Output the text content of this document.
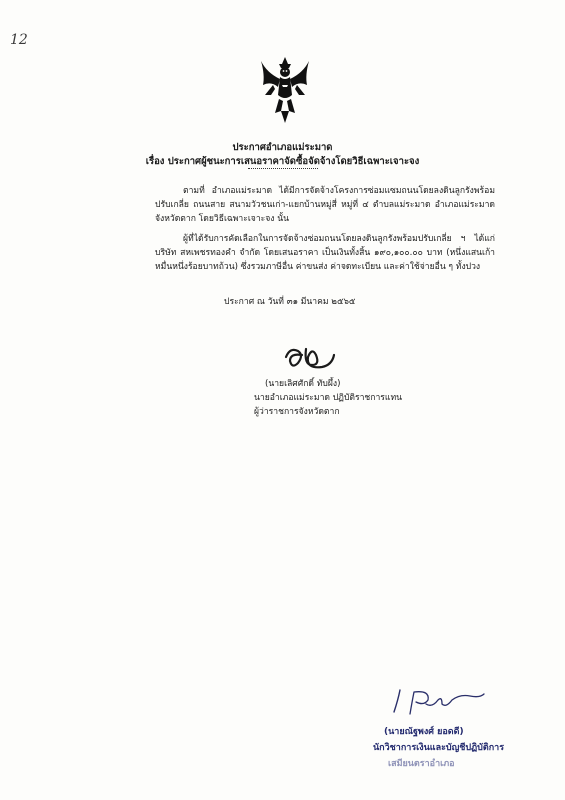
12
ประกาศอำเภอแม่ระมาด
เรื่อง ประกาศผู้ชนะการเสนอราคาจัดซื้อจัดจ้างโดยวิธีเฉพาะเจาะจง
ตามที่ อำเภอแม่ระมาด ได้มีการจัดจ้างโครงการซ่อมแซมถนนโดยลงดินลูกรังพร้อมปรับเกลี่ย ถนนสาย สนามวัวชนเก่า-แยกบ้านหมู่สี่ หมู่ที่ ๔ ตำบลแม่ระมาด อำเภอแม่ระมาด จังหวัดตาก โดยวิธีเฉพาะเจาะจง นั้น
ผู้ที่ได้รับการคัดเลือกในการจัดจ้างซ่อมถนนโดยลงดินลูกรังพร้อมปรับเกลี่ย ฯ ได้แก่ บริษัท สหเพชรทองคำ จำกัด โดยเสนอราคา เป็นเงินทั้งสิ้น ๑๙๐,๑๐๐.๐๐ บาท (หนึ่งแสนเก้าหมื่นหนึ่งร้อยบาทถ้วน) ซึ่งรวมภาษีอื่น ค่าขนส่ง ค่าจดทะเบียน และค่าใช้จ่ายอื่น ๆ ทั้งปวง
ประกาศ ณ วันที่ ๓๑ มีนาคม ๒๕๖๕
(นายเลิศศักดิ์ ทับผึ้ง)
นายอำเภอแม่ระมาด ปฏิบัติราชการแทน
ผู้ว่าราชการจังหวัดตาก
(นายณัฐพงศ์ ยอดดี)
นักวิชาการเงินและบัญชีปฏิบัติการ
เสมียนตราอำเภอ
